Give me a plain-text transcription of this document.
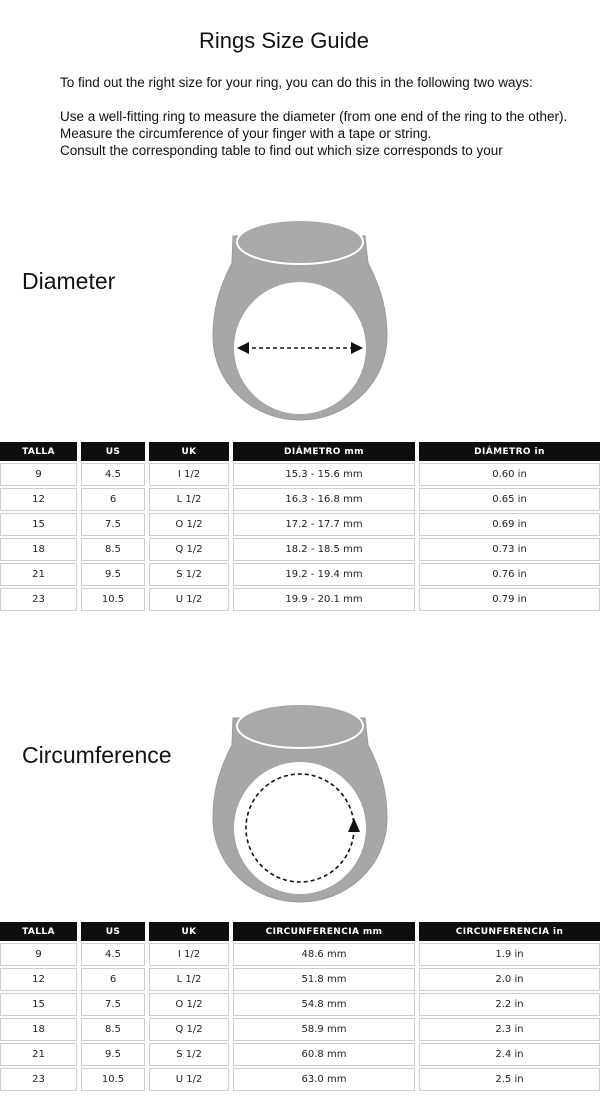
Rings Size Guide

To find out the right size for your ring, you can do this in the following two ways:

Use a well-fitting ring to measure the diameter (from one end of the ring to the other).

Measure the circumference of your finger with a tape or string.

Consult the corresponding table to find out which size corresponds to your

Diameter
TALLA	US	UK	DIÁMETRO mm	DIÁMETRO in
9	4.5	I 1/2	15.3 - 15.6 mm	0.60 in
12	6	L 1/2	16.3 - 16.8 mm	0.65 in
15	7.5	O 1/2	17.2 - 17.7 mm	0.69 in
18	8.5	Q 1/2	18.2 - 18.5 mm	0.73 in
21	9.5	S 1/2	19.2 - 19.4 mm	0.76 in
23	10.5	U 1/2	19.9 - 20.1 mm	0.79 in
Circumference
TALLA	US	UK	CIRCUNFERENCIA mm	CIRCUNFERENCIA in
9	4.5	I 1/2	48.6 mm	1.9 in
12	6	L 1/2	51.8 mm	2.0 in
15	7.5	O 1/2	54.8 mm	2.2 in
18	8.5	Q 1/2	58.9 mm	2.3 in
21	9.5	S 1/2	60.8 mm	2.4 in
23	10.5	U 1/2	63.0 mm	2.5 in
